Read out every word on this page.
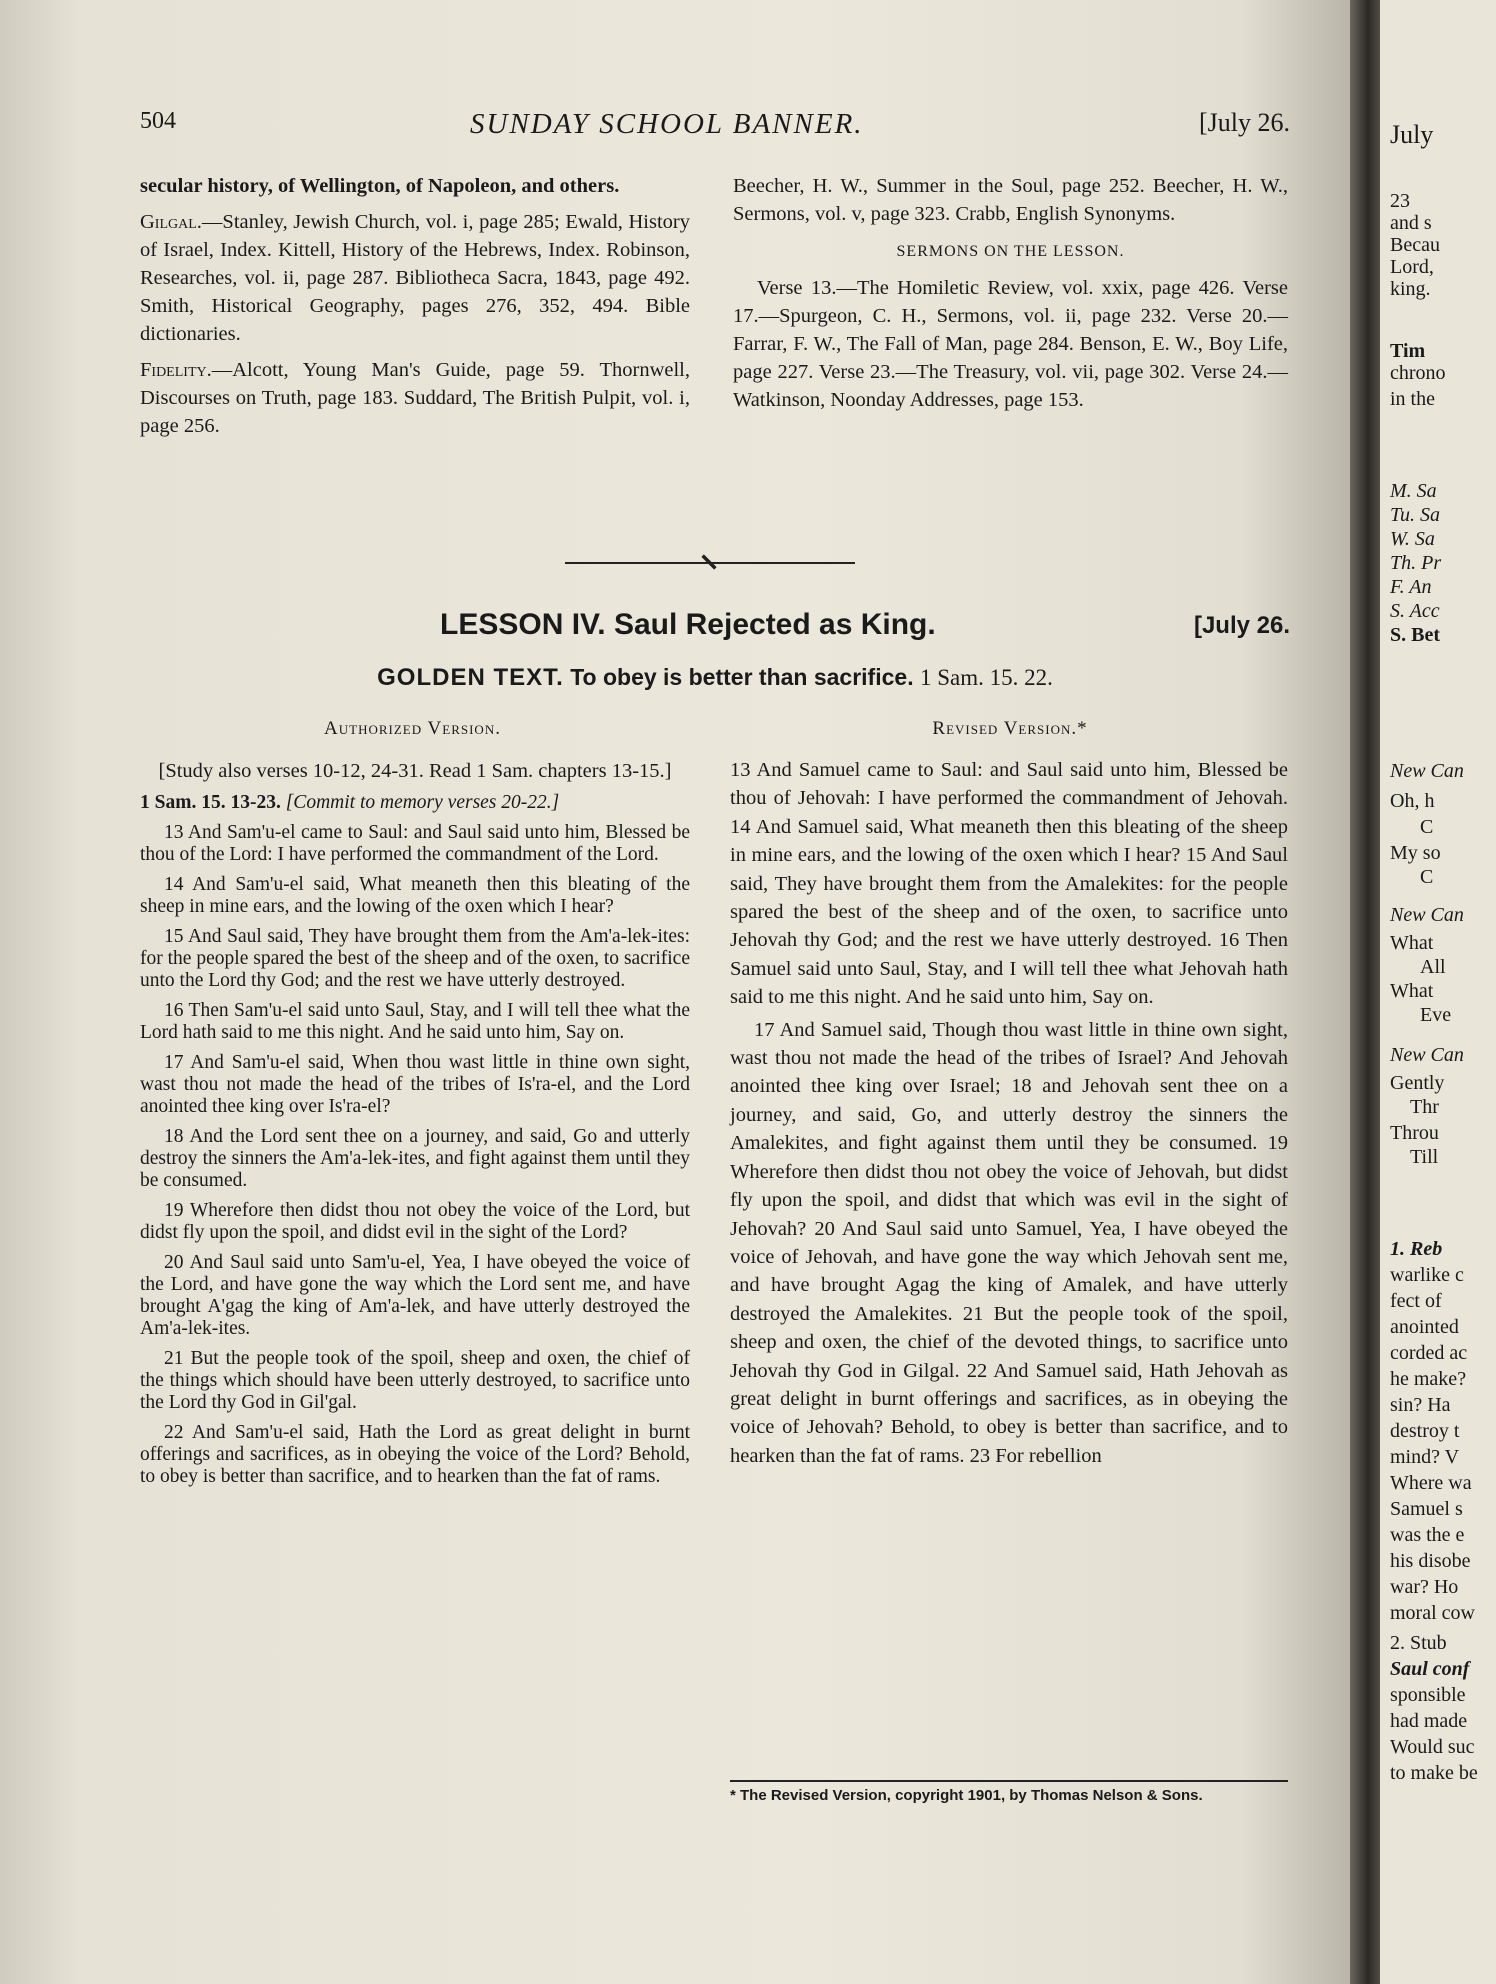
504	SUNDAY SCHOOL BANNER.	[July 26.

secular history, of Wellington, of Napoleon, and others.

Gilgal.—Stanley, Jewish Church, vol. i, page 285; Ewald, History of Israel, Index. Kittell, History of the Hebrews, Index. Robinson, Researches, vol. ii, page 287. Bibliotheca Sacra, 1843, page 492. Smith, Historical Geography, pages 276, 352, 494. Bible dictionaries.

Fidelity.—Alcott, Young Man's Guide, page 59. Thornwell, Discourses on Truth, page 183. Suddard, The British Pulpit, vol. i, page 256.

Beecher, H. W., Summer in the Soul, page 252. Beecher, H. W., Sermons, vol. v, page 323. Crabb, English Synonyms.

SERMONS ON THE LESSON.

Verse 13.—The Homiletic Review, vol. xxix, page 426. Verse 17.—Spurgeon, C. H., Sermons, vol. ii, page 232. Verse 20.—Farrar, F. W., The Fall of Man, page 284. Benson, E. W., Boy Life, page 227. Verse 23.—The Treasury, vol. vii, page 302. Verse 24.—Watkinson, Noonday Addresses, page 153.

LESSON IV. Saul Rejected as King.	[July 26.
GOLDEN TEXT. To obey is better than sacrifice. 1 Sam. 15. 22.
Authorized Version.	Revised Version.*

[Study also verses 10-12, 24-31. Read 1 Sam. chapters 13-15.]

1 Sam. 15. 13-23. [Commit to memory verses 20-22.]

13 And Sam'u-el came to Saul: and Saul said unto him, Blessed be thou of the Lord: I have performed the commandment of the Lord.

14 And Sam'u-el said, What meaneth then this bleating of the sheep in mine ears, and the lowing of the oxen which I hear?

15 And Saul said, They have brought them from the Am'a-lek-ites: for the people spared the best of the sheep and of the oxen, to sacrifice unto the Lord thy God; and the rest we have utterly destroyed.

16 Then Sam'u-el said unto Saul, Stay, and I will tell thee what the Lord hath said to me this night. And he said unto him, Say on.

17 And Sam'u-el said, When thou wast little in thine own sight, wast thou not made the head of the tribes of Is'ra-el, and the Lord anointed thee king over Is'ra-el?

18 And the Lord sent thee on a journey, and said, Go and utterly destroy the sinners the Am'a-lek-ites, and fight against them until they be consumed.

19 Wherefore then didst thou not obey the voice of the Lord, but didst fly upon the spoil, and didst evil in the sight of the Lord?

20 And Saul said unto Sam'u-el, Yea, I have obeyed the voice of the Lord, and have gone the way which the Lord sent me, and have brought A'gag the king of Am'a-lek, and have utterly destroyed the Am'a-lek-ites.

21 But the people took of the spoil, sheep and oxen, the chief of the things which should have been utterly destroyed, to sacrifice unto the Lord thy God in Gil'gal.

22 And Sam'u-el said, Hath the Lord as great delight in burnt offerings and sacrifices, as in obeying the voice of the Lord? Behold, to obey is better than sacrifice, and to hearken than the fat of rams.

13 And Samuel came to Saul: and Saul said unto him, Blessed be thou of Jehovah: I have performed the commandment of Jehovah. 14 And Samuel said, What meaneth then this bleating of the sheep in mine ears, and the lowing of the oxen which I hear? 15 And Saul said, They have brought them from the Amalekites: for the people spared the best of the sheep and of the oxen, to sacrifice unto Jehovah thy God; and the rest we have utterly destroyed. 16 Then Samuel said unto Saul, Stay, and I will tell thee what Jehovah hath said to me this night. And he said unto him, Say on.

17 And Samuel said, Though thou wast little in thine own sight, wast thou not made the head of the tribes of Israel? And Jehovah anointed thee king over Israel; 18 and Jehovah sent thee on a journey, and said, Go, and utterly destroy the sinners the Amalekites, and fight against them until they be consumed. 19 Wherefore then didst thou not obey the voice of Jehovah, but didst fly upon the spoil, and didst that which was evil in the sight of Jehovah? 20 And Saul said unto Samuel, Yea, I have obeyed the voice of Jehovah, and have gone the way which Jehovah sent me, and have brought Agag the king of Amalek, and have utterly destroyed the Amalekites. 21 But the people took of the spoil, sheep and oxen, the chief of the devoted things, to sacrifice unto Jehovah thy God in Gilgal. 22 And Samuel said, Hath Jehovah as great delight in burnt offerings and sacrifices, as in obeying the voice of Jehovah? Behold, to obey is better than sacrifice, and to hearken than the fat of rams. 23 For rebellion

* The Revised Version, copyright 1901, by Thomas Nelson & Sons.
July
23
and s
Becau
Lord,
king.
Tim
chrono
in the
M. Sa
Tu. Sa
W. Sa
Th. Pr
F. An
S. Acc
S. Bet
New Can
Oh, h
C
My so
C
New Can
What
All
What
Eve
New Can
Gently
Thr
Throu
Till
1. Reb
warlike c
fect of
anointed
corded ac
he make?
sin? Ha
destroy t
mind? V
Where wa
Samuel s
was the e
his disobe
war? Ho
moral cow
2. Stub
Saul conf
sponsible
had made
Would suc
to make be
